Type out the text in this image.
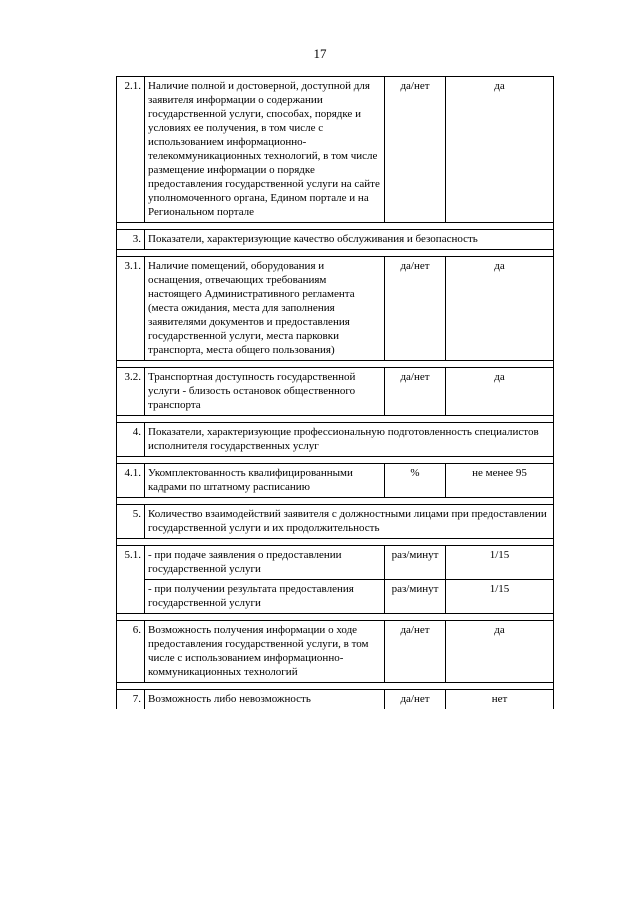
17
2.1.	Наличие полной и достоверной, доступной для заявителя информации о содержании государственной услуги, способах, порядке и условиях ее получения, в том числе с использованием информационно-телекоммуникационных технологий, в том числе размещение информации о порядке предоставления государственной услуги на сайте уполномоченного органа, Едином портале и на Региональном портале	да/нет	да

3.	Показатели, характеризующие качество обслуживания и безопасность		

3.1.	Наличие помещений, оборудования и оснащения, отвечающих требованиям настоящего Административного регламента (места ожидания, места для заполнения заявителями документов и предоставления государственной услуги, места парковки транспорта, места общего пользования)	да/нет	да

3.2.	Транспортная доступность государственной услуги - близость остановок общественного транспорта	да/нет	да

4.	Показатели, характеризующие профессиональную подготовленность специалистов исполнителя государственных услуг		

4.1.	Укомплектованность квалифицированными кадрами по штатному расписанию	%	не менее 95

5.	Количество взаимодействий заявителя с должностными лицами при предоставлении государственной услуги и их продолжительность		

5.1.	- при подаче заявления о предоставлении государственной услуги	раз/минут	1/15
	- при получении результата предоставления государственной услуги	раз/минут	1/15

6.	Возможность получения информации о ходе предоставления государственной услуги, в том числе с использованием информационно-коммуникационных технологий	да/нет	да

7.	Возможность либо невозможность	да/нет	нет
